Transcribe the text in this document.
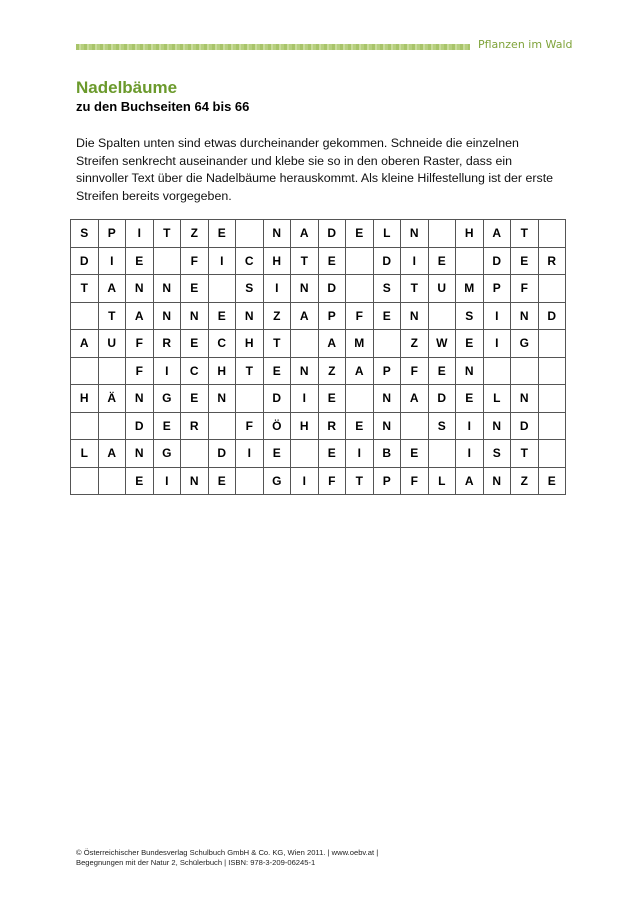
Pflanzen im Wald
Nadelbäume
zu den Buchseiten 64 bis 66
Die Spalten unten sind etwas durcheinander gekommen. Schneide die einzelnen Streifen senkrecht auseinander und klebe sie so in den oberen Raster, dass ein sinnvoller Text über die Nadelbäume herauskommt. Als kleine Hilfestellung ist der erste Streifen bereits vorgegeben.
S	P	I	T	Z	E		N	A	D	E	L	N		H	A	T	
D	I	E		F	I	C	H	T	E		D	I	E		D	E	R
T	A	N	N	E		S	I	N	D		S	T	U	M	P	F	
	T	A	N	N	E	N	Z	A	P	F	E	N		S	I	N	D
A	U	F	R	E	C	H	T		A	M		Z	W	E	I	G	
		F	I	C	H	T	E	N	Z	A	P	F	E	N			
H	Ä	N	G	E	N		D	I	E		N	A	D	E	L	N	
		D	E	R		F	Ö	H	R	E	N		S	I	N	D	
L	A	N	G		D	I	E		E	I	B	E		I	S	T	
		E	I	N	E		G	I	F	T	P	F	L	A	N	Z	E
© Österreichischer Bundesverlag Schulbuch GmbH & Co. KG, Wien 2011. | www.oebv.at |
Begegnungen mit der Natur 2, Schülerbuch | ISBN: 978-3-209-06245-1
